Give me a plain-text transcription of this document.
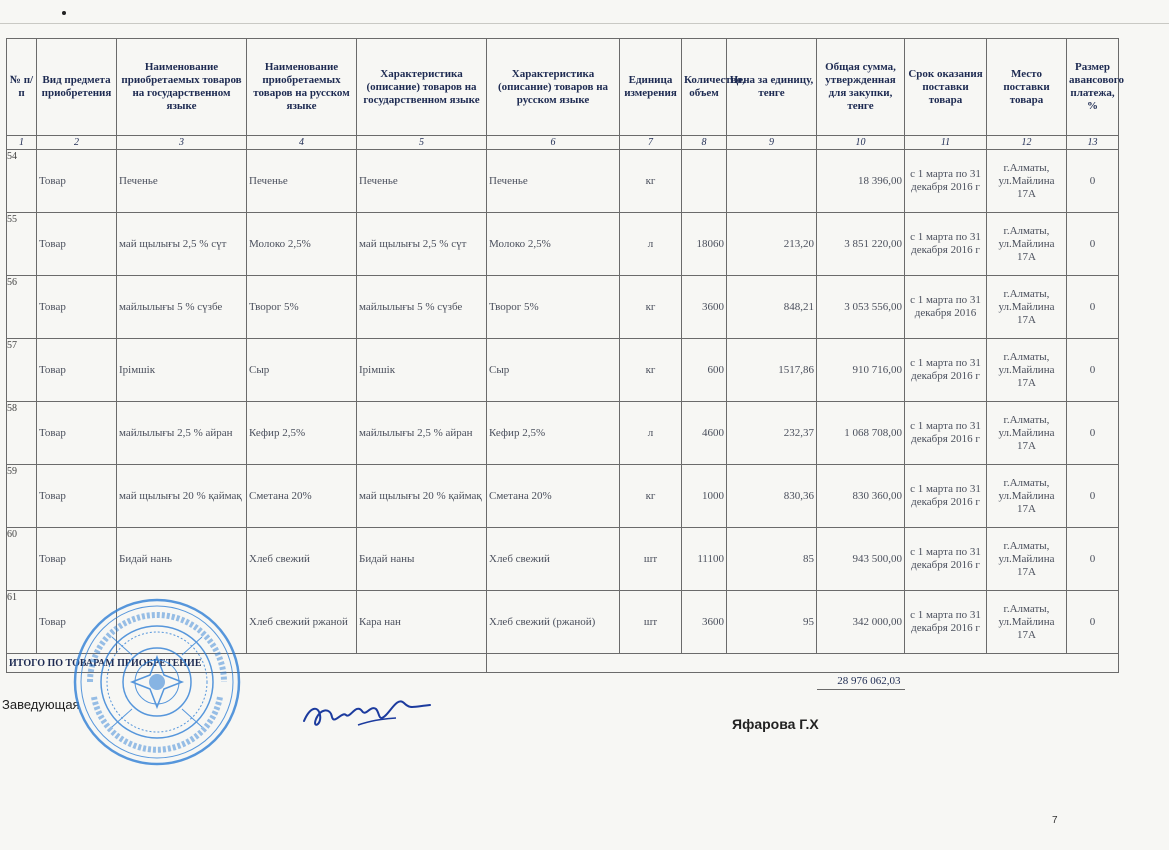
№ п/п	Вид предмета приобретения	Наименование приобретаемых товаров на государственном языке	Наименование приобретаемых товаров на русском языке	Характеристика (описание) товаров на государственном языке	Характеристика (описание) товаров на русском языке	Единица измерения	Количество, объем	Цена за единицу, тенге	Общая сумма, утвержденная для закупки, тенге	Срок оказания поставки товара	Место поставки товара	Размер авансового платежа, %
1	2	3	4	5	6	7	8	9	10	11	12	13

54	Товар	Печенье	Печенье	Печенье	Печенье	кг			18 396,00	с 1 марта по 31 декабря 2016 г	г.Алматы, ул.Майлина 17А	0

55	Товар	май щылығы 2,5 % сүт	Молоко 2,5%	май щылығы 2,5 % сүт	Молоко 2,5%	л	18060	213,20	3 851 220,00	с 1 марта по 31 декабря 2016 г	г.Алматы, ул.Майлина 17А	0

56	Товар	майлылығы 5 % сүзбе	Творог 5%	майлылығы 5 % сүзбе	Творог 5%	кг	3600	848,21	3 053 556,00	с 1 марта по 31 декабря 2016	г.Алматы, ул.Майлина 17А	0

57	Товар	Ірімшік	Сыр	Ірімшік	Сыр	кг	600	1517,86	910 716,00	с 1 марта по 31 декабря 2016 г	г.Алматы, ул.Майлина 17А	0

58	Товар	майлылығы 2,5 % айран	Кефир 2,5%	майлылығы 2,5 % айран	Кефир 2,5%	л	4600	232,37	1 068 708,00	с 1 марта по 31 декабря 2016 г	г.Алматы, ул.Майлина 17А	0

59	Товар	май щылығы 20 % қаймақ	Сметана 20%	май щылығы 20 % қаймақ	Сметана 20%	кг	1000	830,36	830 360,00	с 1 марта по 31 декабря 2016 г	г.Алматы, ул.Майлина 17А	0

60	Товар	Бидай нань	Хлеб свежий	Бидай наны	Хлеб свежий	шт	11100	85	943 500,00	с 1 марта по 31 декабря 2016 г	г.Алматы, ул.Майлина 17А	0

61	Товар		Хлеб свежий ржаной	Кара нан	Хлеб свежий (ржаной)	шт	3600	95	342 000,00	с 1 марта по 31 декабря 2016 г	г.Алматы, ул.Майлина 17А	0
ИТОГО ПО ТОВАРАМ ПРИОБРЕТЕНИЕ												
									28 976 062,03			
Заведующая
Яфарова Г.Х
7
